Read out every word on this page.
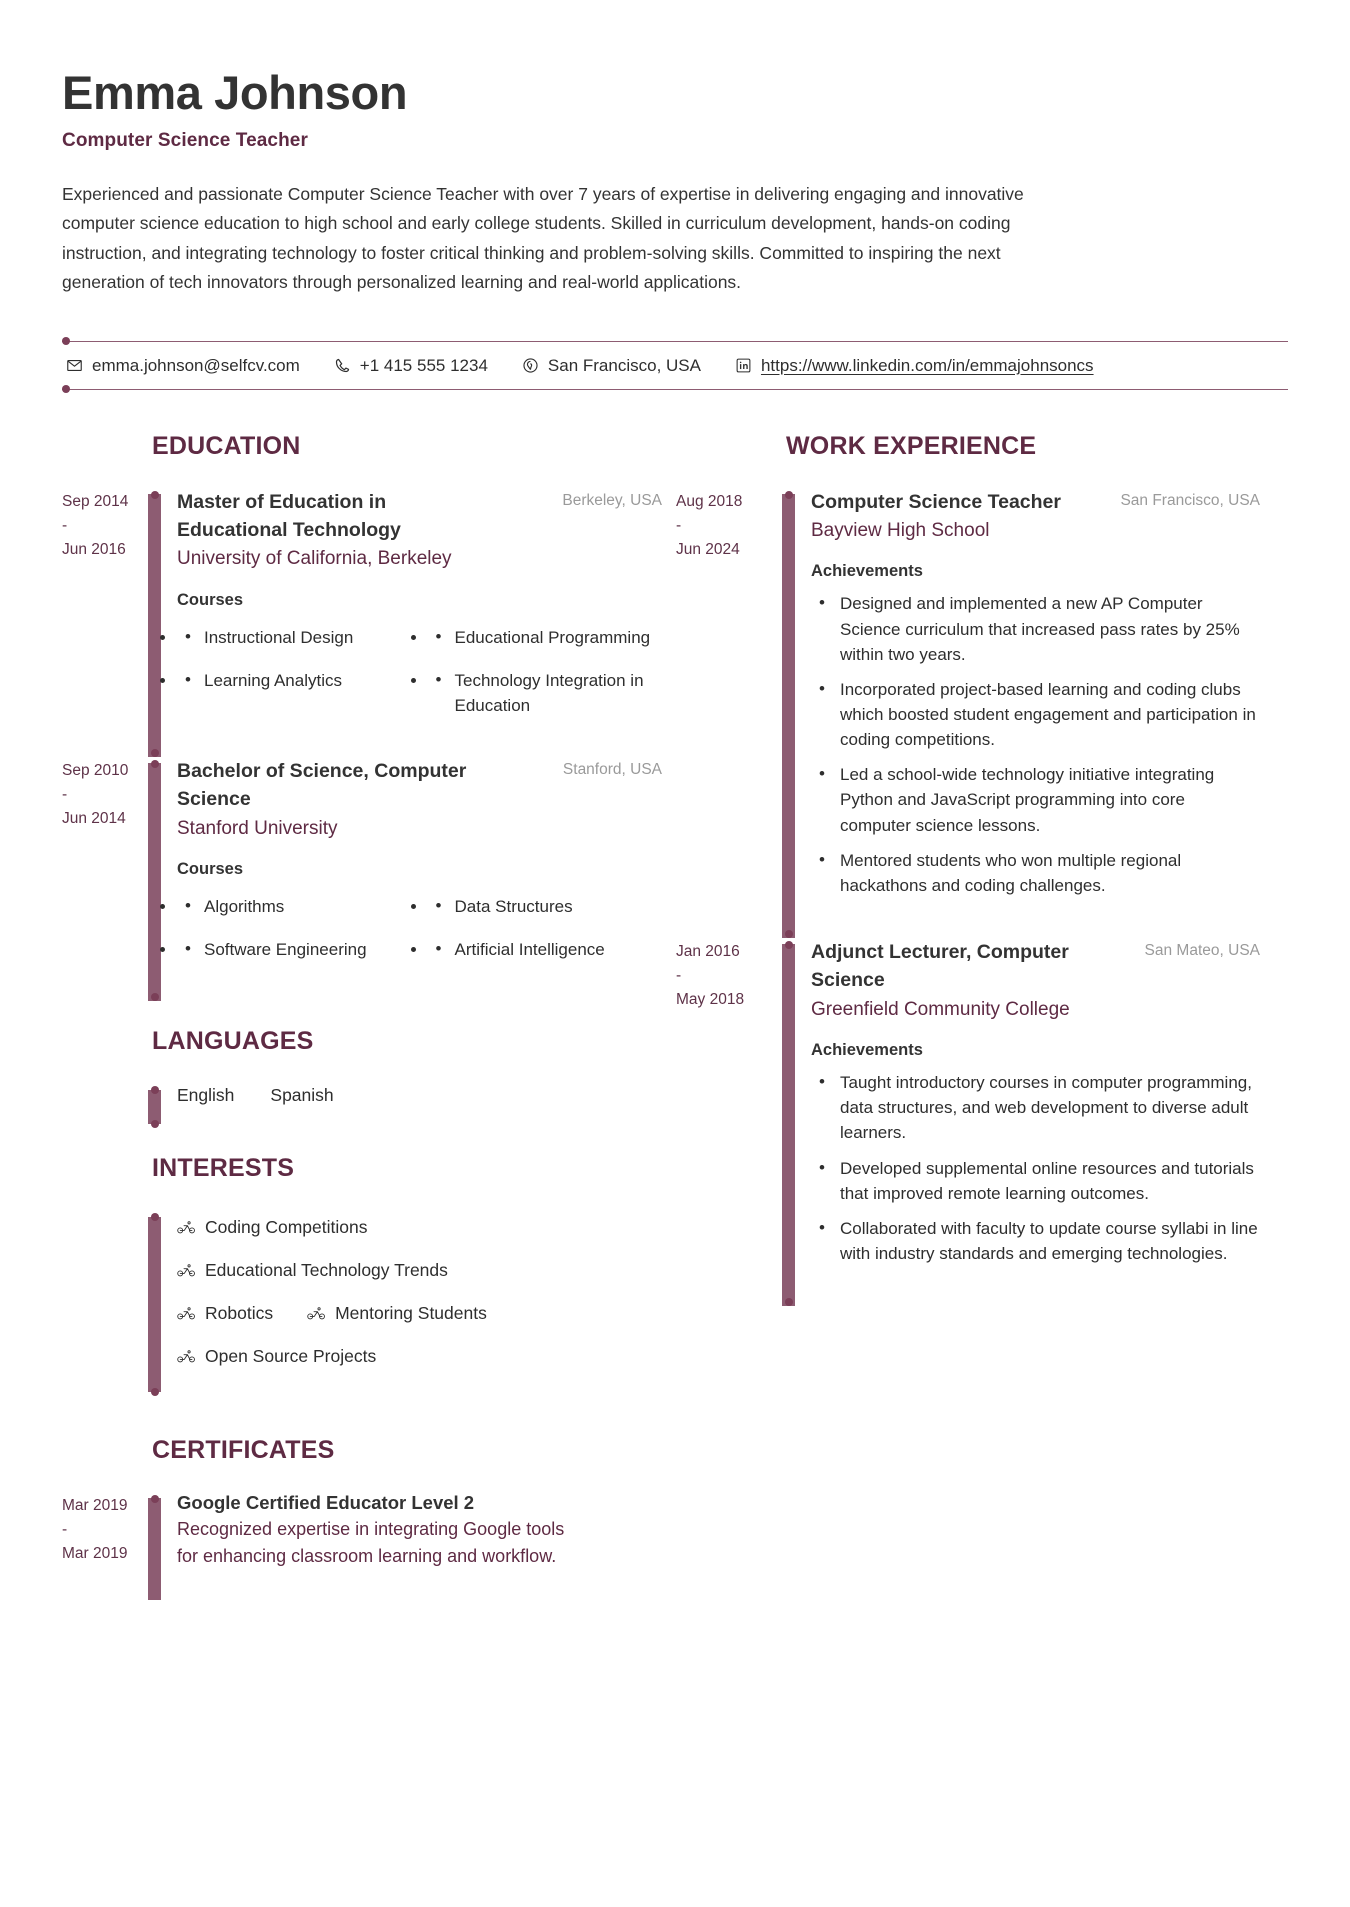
Emma Johnson
Computer Science Teacher
Experienced and passionate Computer Science Teacher with over 7 years of expertise in delivering engaging and innovative computer science education to high school and early college students. Skilled in curriculum development, hands-on coding instruction, and integrating technology to foster critical thinking and problem-solving skills. Committed to inspiring the next generation of tech innovators through personalized learning and real-world applications.
emma.johnson@selfcv.com	+1 415 555 1234	San Francisco, USA	https://www.linkedin.com/in/emmajohnsoncs
EDUCATION
Sep 2014
-
Jun 2016
Master of Education in Educational Technology
Berkeley, USA
University of California, Berkeley
Courses
• • Instructional Design	• • Educational Programming
• • Learning Analytics	• • Technology Integration in Education
Sep 2010
-
Jun 2014
Bachelor of Science, Computer Science
Stanford, USA
Stanford University
Courses
• • Algorithms	• • Data Structures
• • Software Engineering	• • Artificial Intelligence
LANGUAGES
English Spanish
INTERESTS
Coding Competitions
Educational Technology Trends
Robotics	Mentoring Students
Open Source Projects
CERTIFICATES
Mar 2019
-
Mar 2019
Google Certified Educator Level 2
Recognized expertise in integrating Google tools for enhancing classroom learning and workflow.
WORK EXPERIENCE
Aug 2018
-
Jun 2024
Computer Science Teacher	San Francisco, USA
Bayview High School
Achievements
• Designed and implemented a new AP Computer Science curriculum that increased pass rates by 25% within two years.
• Incorporated project-based learning and coding clubs which boosted student engagement and participation in coding competitions.
• Led a school-wide technology initiative integrating Python and JavaScript programming into core computer science lessons.
• Mentored students who won multiple regional hackathons and coding challenges.
Jan 2016
-
May 2018
Adjunct Lecturer, Computer Science
San Mateo, USA
Greenfield Community College
Achievements
• Taught introductory courses in computer programming, data structures, and web development to diverse adult learners.
• Developed supplemental online resources and tutorials that improved remote learning outcomes.
• Collaborated with faculty to update course syllabi in line with industry standards and emerging technologies.
